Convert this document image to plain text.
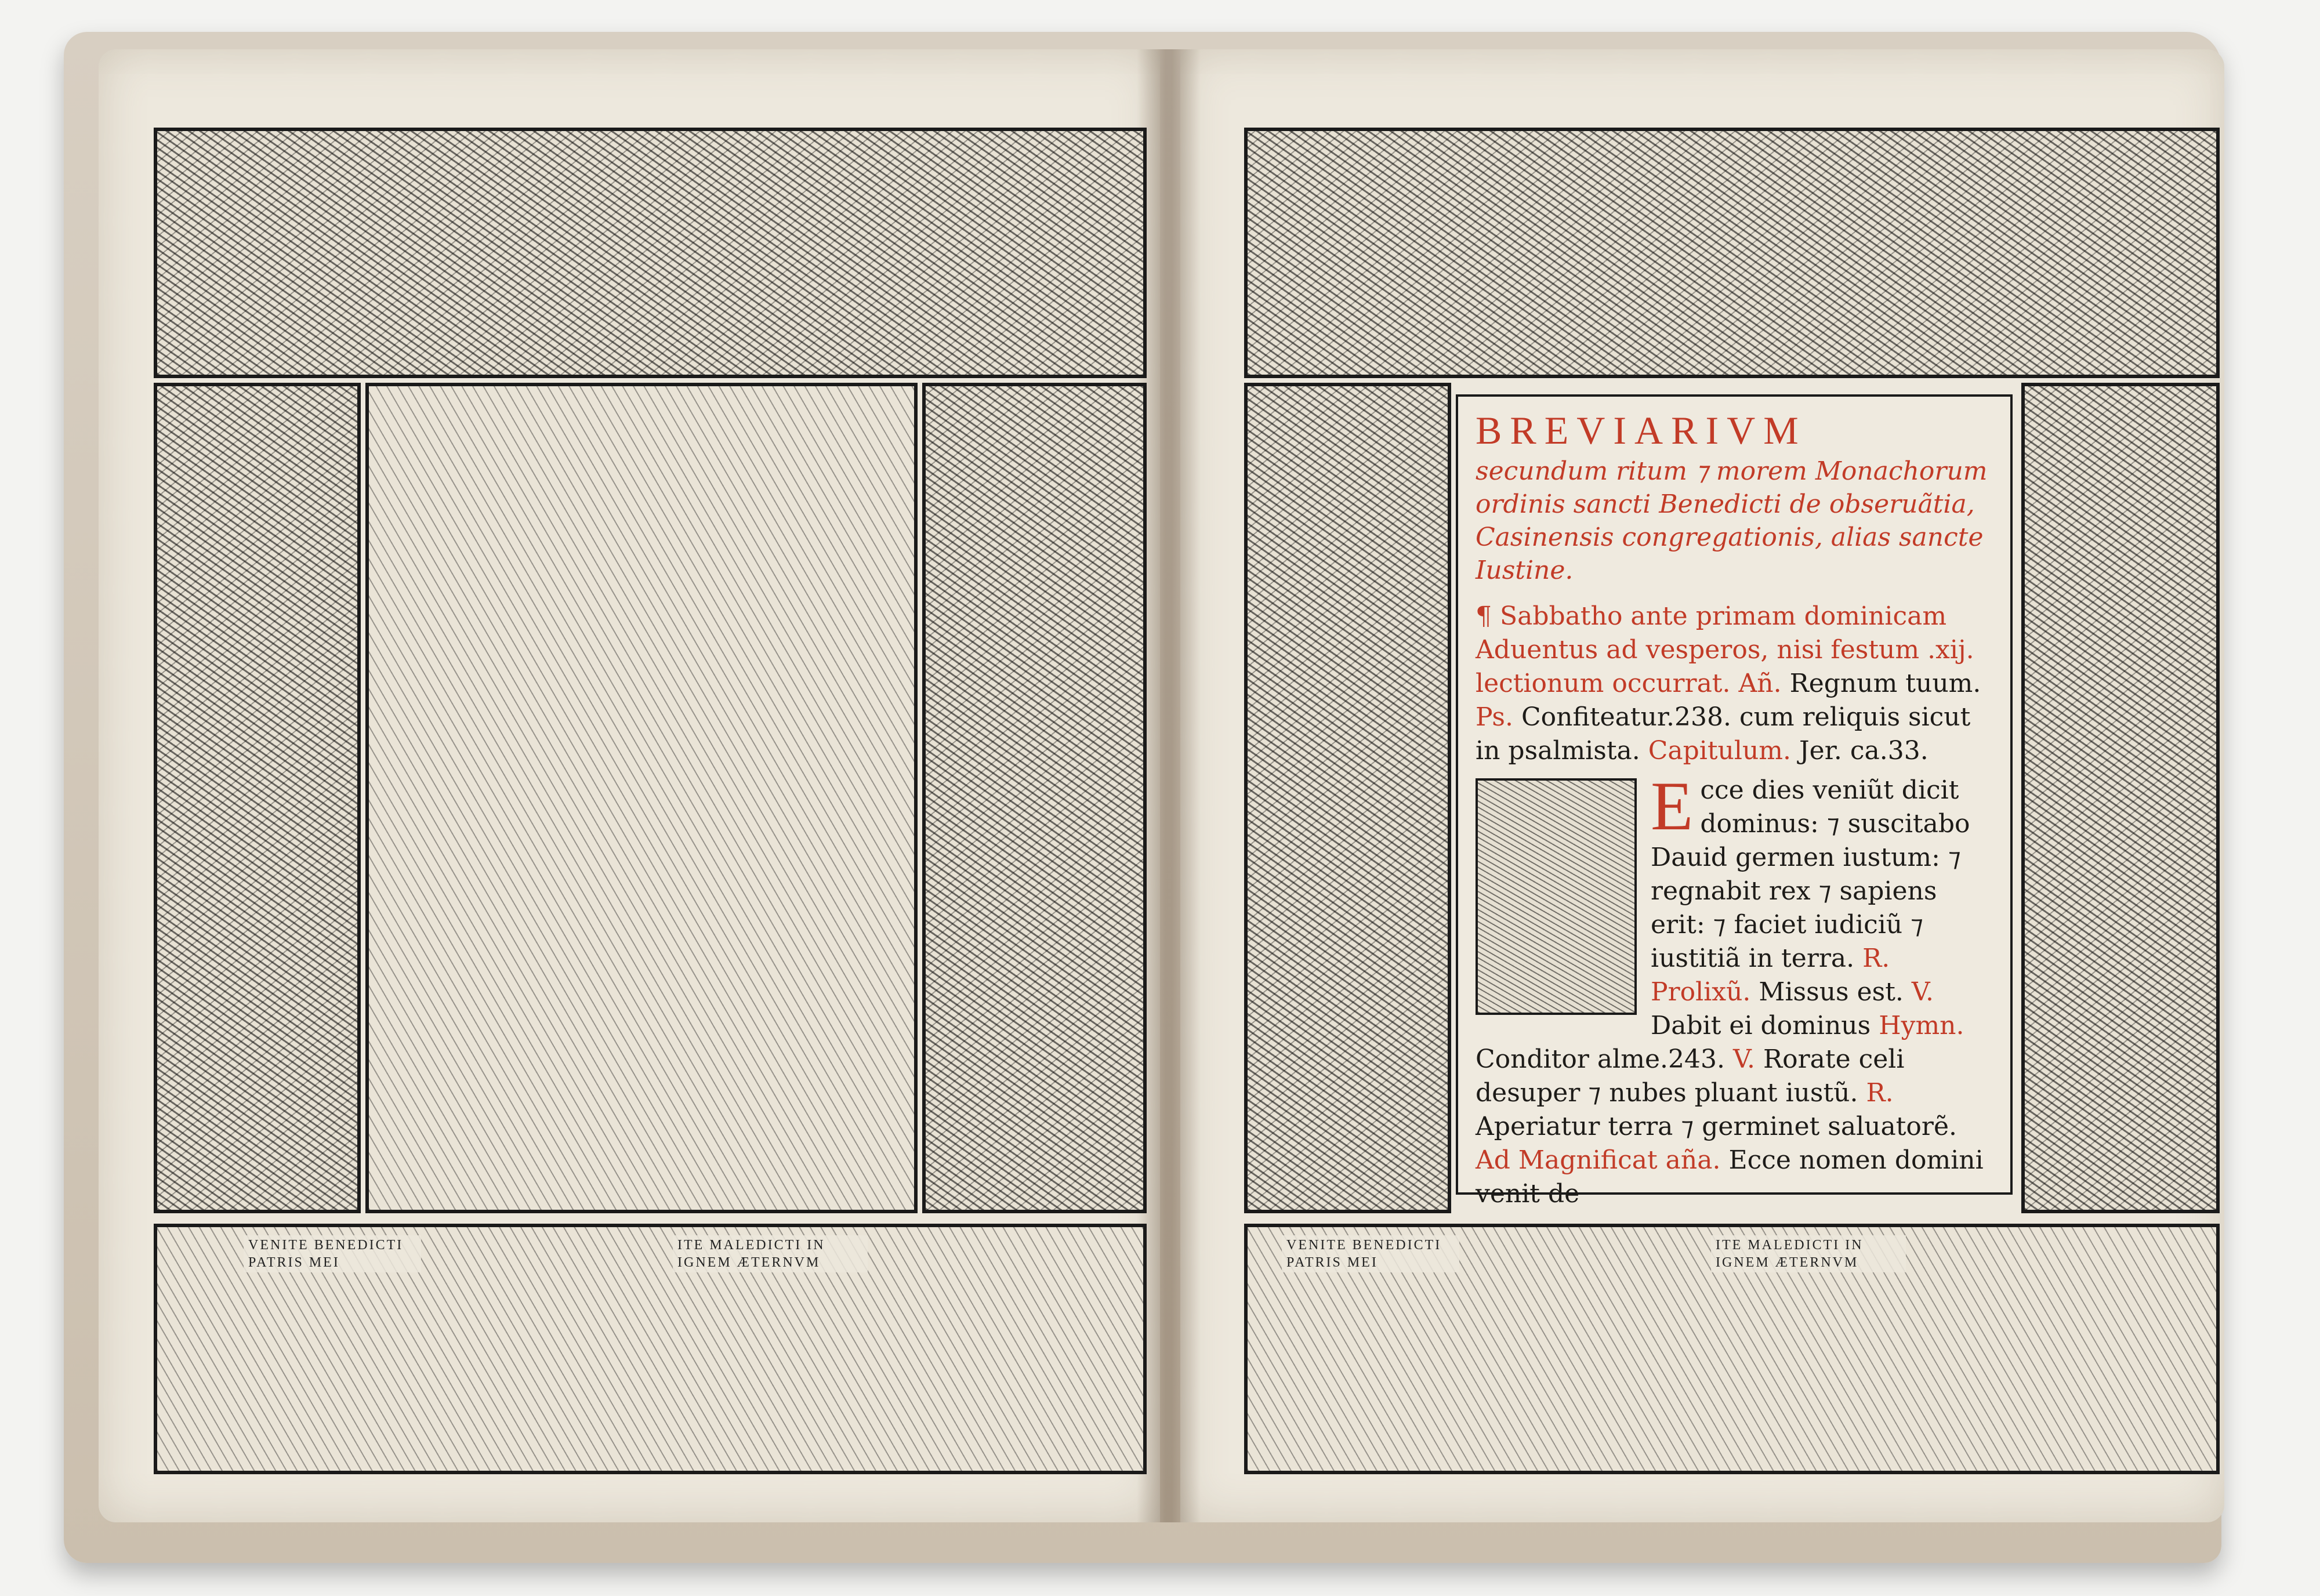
VENITE BENEDICTI PATRIS MEI
ITE MALEDICTI IN IGNEM ÆTERNVM
VENITE BENEDICTI PATRIS MEI
ITE MALEDICTI IN IGNEM ÆTERNVM
BREVIARIVM
secundum ritum ⁊ morem Monachorum ordinis sancti Benedicti de obseruãtia, Casinensis congregationis, alias sancte Iustine.
¶ Sabbatho ante primam dominicam Aduentus ad vesperos, nisi festum .xij. lectionum occurrat. Añ. Regnum tuum. Ps. Confiteatur.238. cum reliquis sicut in psalmista. Capitulum. Jer. ca.33.
E cce dies veniũt dicit dominus: ⁊ suscitabo Dauid germen iustum: ⁊ regnabit rex ⁊ sapiens erit: ⁊ faciet iudiciũ ⁊ iustitiã in terra. R. Prolixũ. Missus est. V. Dabit ei dominus Hymn. Conditor alme.243. V. Rorate celi desuper ⁊ nubes pluant iustũ. R. Aperiatur terra ⁊ germinet saluatorẽ. Ad Magnificat aña. Ecce nomen domini venit de
